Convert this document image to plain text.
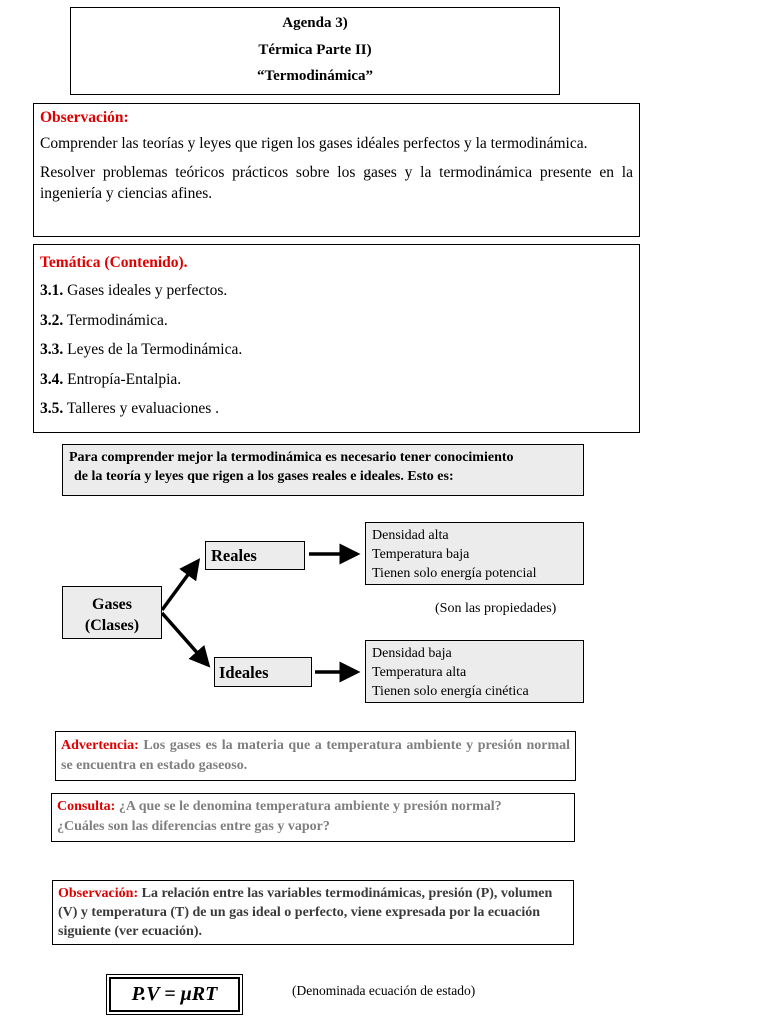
Agenda 3)
Térmica Parte II)
“Termodinámica”

Observación:

Comprender las teorías y leyes que rigen los gases idéales perfectos y la termodinámica.

Resolver problemas teóricos prácticos sobre los gases y la termodinámica presente en la ingeniería y ciencias afines.

Temática (Contenido).

3.1. Gases ideales y perfectos.
3.2. Termodinámica.
3.3. Leyes de la Termodinámica.
3.4. Entropía-Entalpia.
3.5. Talleres y evaluaciones .
Para comprender mejor la termodinámica es necesario tener conocimiento
de la teoría y leyes que rigen a los gases reales e ideales. Esto es:
Gases
(Clases)
Reales
Ideales
Densidad alta
Temperatura baja
Tienen solo energía potencial
(Son las propiedades)
Densidad baja
Temperatura alta
Tienen solo energía cinética
Advertencia: Los gases es la materia que a temperatura ambiente y presión normal se encuentra en estado gaseoso.
Consulta: ¿A que se le denomina temperatura ambiente y presión normal?
¿Cuáles son las diferencias entre gas y vapor?
Observación: La relación entre las variables termodinámicas, presión (P), volumen (V) y temperatura (T) de un gas ideal o perfecto, viene expresada por la ecuación siguiente (ver ecuación).
P.V = μRT	(Denominada ecuación de estado)
